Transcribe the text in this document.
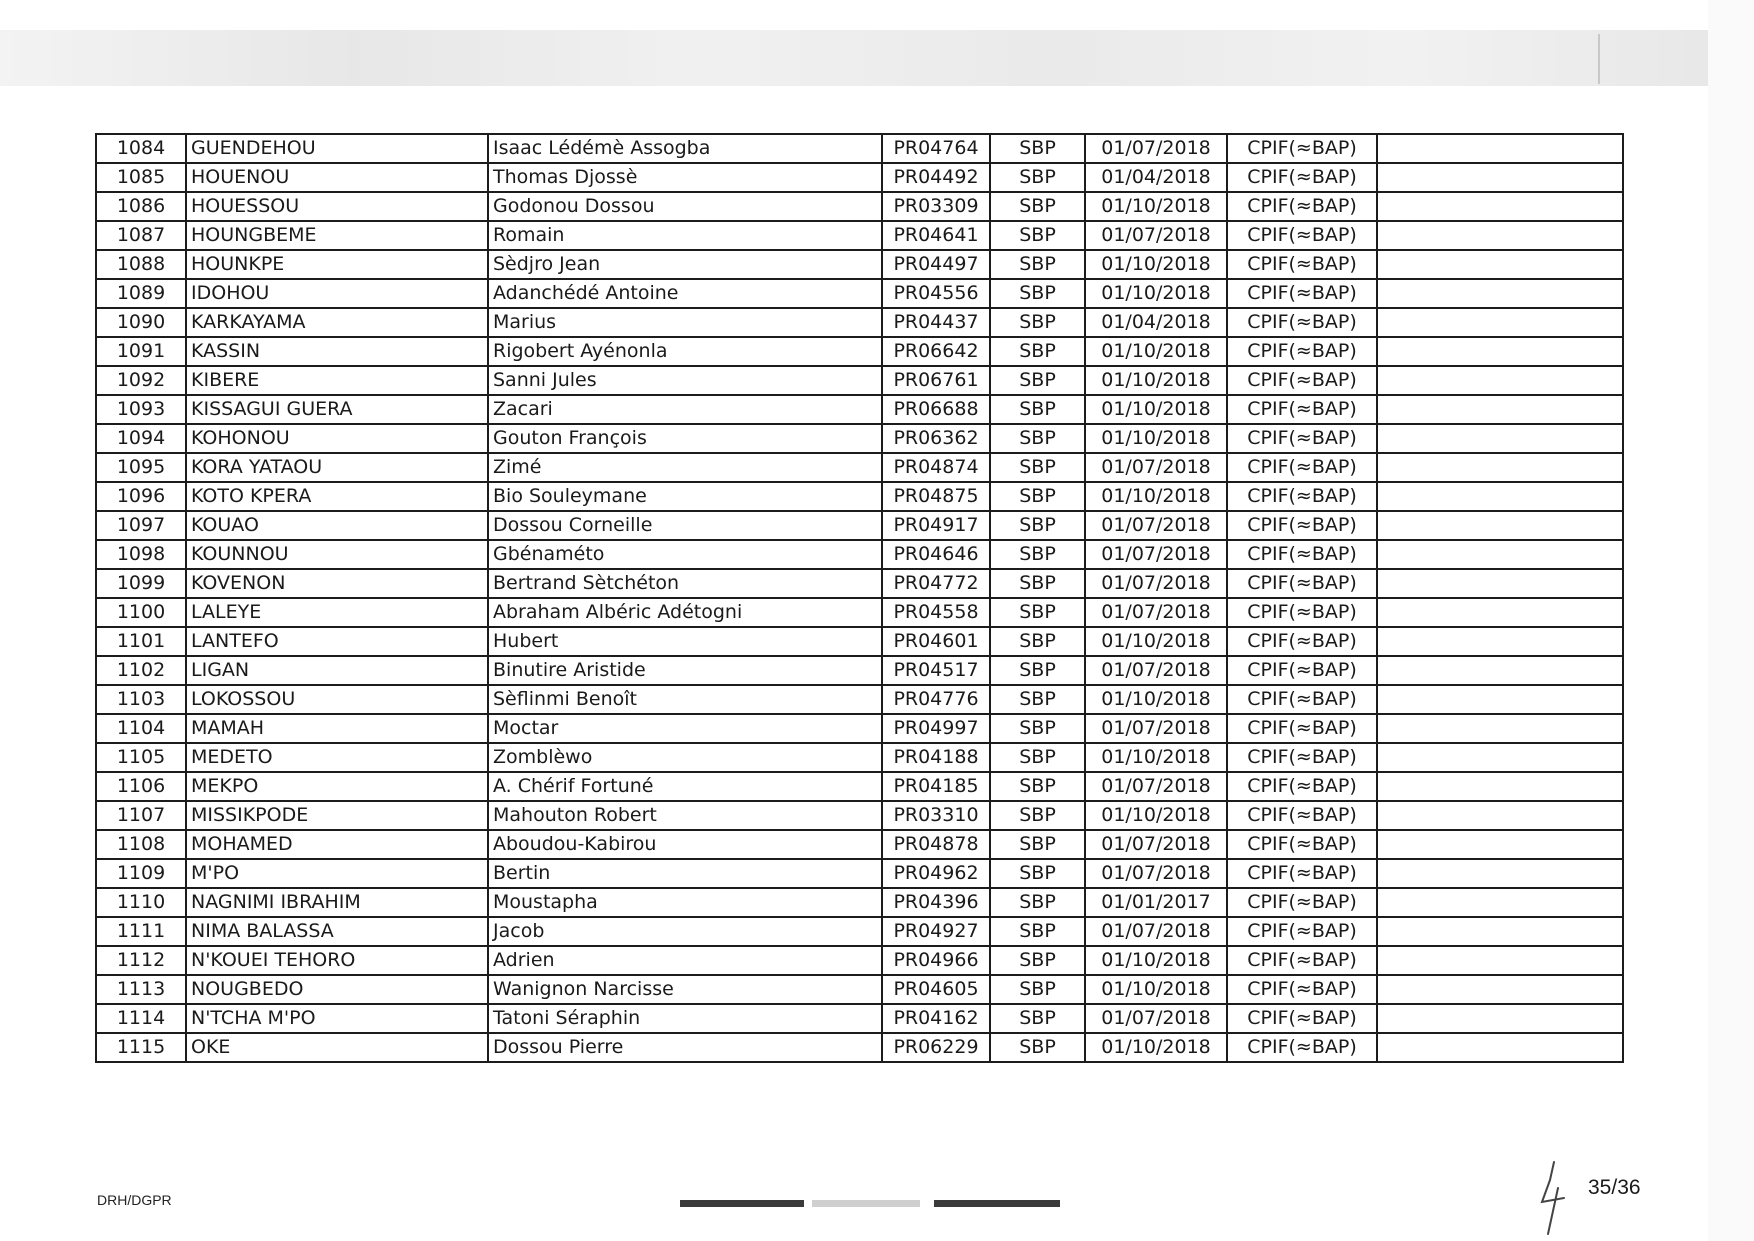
1084	GUENDEHOU	Isaac Lédémè Assogba	PR04764	SBP	01/07/2018	CPIF(≈BAP)	
1085	HOUENOU	Thomas Djossè	PR04492	SBP	01/04/2018	CPIF(≈BAP)	
1086	HOUESSOU	Godonou Dossou	PR03309	SBP	01/10/2018	CPIF(≈BAP)	
1087	HOUNGBEME	Romain	PR04641	SBP	01/07/2018	CPIF(≈BAP)	
1088	HOUNKPE	Sèdjro Jean	PR04497	SBP	01/10/2018	CPIF(≈BAP)	
1089	IDOHOU	Adanchédé Antoine	PR04556	SBP	01/10/2018	CPIF(≈BAP)	
1090	KARKAYAMA	Marius	PR04437	SBP	01/04/2018	CPIF(≈BAP)	
1091	KASSIN	Rigobert Ayénonla	PR06642	SBP	01/10/2018	CPIF(≈BAP)	
1092	KIBERE	Sanni Jules	PR06761	SBP	01/10/2018	CPIF(≈BAP)	
1093	KISSAGUI GUERA	Zacari	PR06688	SBP	01/10/2018	CPIF(≈BAP)	
1094	KOHONOU	Gouton François	PR06362	SBP	01/10/2018	CPIF(≈BAP)	
1095	KORA YATAOU	Zimé	PR04874	SBP	01/07/2018	CPIF(≈BAP)	
1096	KOTO KPERA	Bio Souleymane	PR04875	SBP	01/10/2018	CPIF(≈BAP)	
1097	KOUAO	Dossou Corneille	PR04917	SBP	01/07/2018	CPIF(≈BAP)	
1098	KOUNNOU	Gbénaméto	PR04646	SBP	01/07/2018	CPIF(≈BAP)	
1099	KOVENON	Bertrand Sètchéton	PR04772	SBP	01/07/2018	CPIF(≈BAP)	
1100	LALEYE	Abraham Albéric Adétogni	PR04558	SBP	01/07/2018	CPIF(≈BAP)	
1101	LANTEFO	Hubert	PR04601	SBP	01/10/2018	CPIF(≈BAP)	
1102	LIGAN	Binutire Aristide	PR04517	SBP	01/07/2018	CPIF(≈BAP)	
1103	LOKOSSOU	Sèflinmi Benoît	PR04776	SBP	01/10/2018	CPIF(≈BAP)	
1104	MAMAH	Moctar	PR04997	SBP	01/07/2018	CPIF(≈BAP)	
1105	MEDETO	Zomblèwo	PR04188	SBP	01/10/2018	CPIF(≈BAP)	
1106	MEKPO	A. Chérif Fortuné	PR04185	SBP	01/07/2018	CPIF(≈BAP)	
1107	MISSIKPODE	Mahouton Robert	PR03310	SBP	01/10/2018	CPIF(≈BAP)	
1108	MOHAMED	Aboudou-Kabirou	PR04878	SBP	01/07/2018	CPIF(≈BAP)	
1109	M'PO	Bertin	PR04962	SBP	01/07/2018	CPIF(≈BAP)	
1110	NAGNIMI IBRAHIM	Moustapha	PR04396	SBP	01/01/2017	CPIF(≈BAP)	
1111	NIMA BALASSA	Jacob	PR04927	SBP	01/07/2018	CPIF(≈BAP)	
1112	N'KOUEI TEHORO	Adrien	PR04966	SBP	01/10/2018	CPIF(≈BAP)	
1113	NOUGBEDO	Wanignon Narcisse	PR04605	SBP	01/10/2018	CPIF(≈BAP)	
1114	N'TCHA M'PO	Tatoni Séraphin	PR04162	SBP	01/07/2018	CPIF(≈BAP)	
1115	OKE	Dossou Pierre	PR06229	SBP	01/10/2018	CPIF(≈BAP)	
DRH/DGPR
35/36
